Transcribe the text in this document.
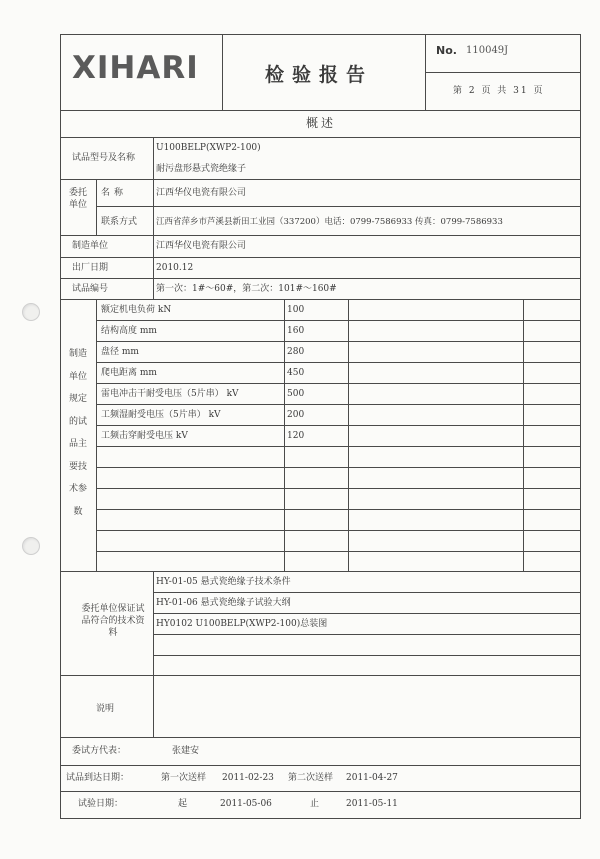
XIHARI	检验报告
No. 110049J
第 2 页 共 31 页
概述
试品型号及名称
U100BELP(XWP2-100)
耐污盘形悬式瓷绝缘子
委托单位
名称	江西华仪电瓷有限公司
联系方式 江西省萍乡市芦溪县新田工业园（337200）电话：0799-7586933 传真：0799-7586933
制造单位	江西华仪电瓷有限公司
出厂日期	2010.12
试品编号	第一次：1#～60#，第二次：101#～160#
制造单位规定的试品主要技术参数
额定机电负荷 kN	100
结构高度 mm	160
盘径 mm	280
爬电距离 mm	450
雷电冲击干耐受电压（5片串） kV	500
工频湿耐受电压（5片串） kV	200
工频击穿耐受电压 kV	120
委托单位保证试品符合的技术资料
HY-01-05 悬式瓷绝缘子技术条件
HY-01-06 悬式瓷绝缘子试验大纲
HY0102 U100BELP(XWP2-100)总装图
说明
委试方代表：	张建安
试品到达日期：	第一次送样 2011-02-23 第二次送样 2011-04-27
试验日期：	起	2011-05-06	止	2011-05-11
